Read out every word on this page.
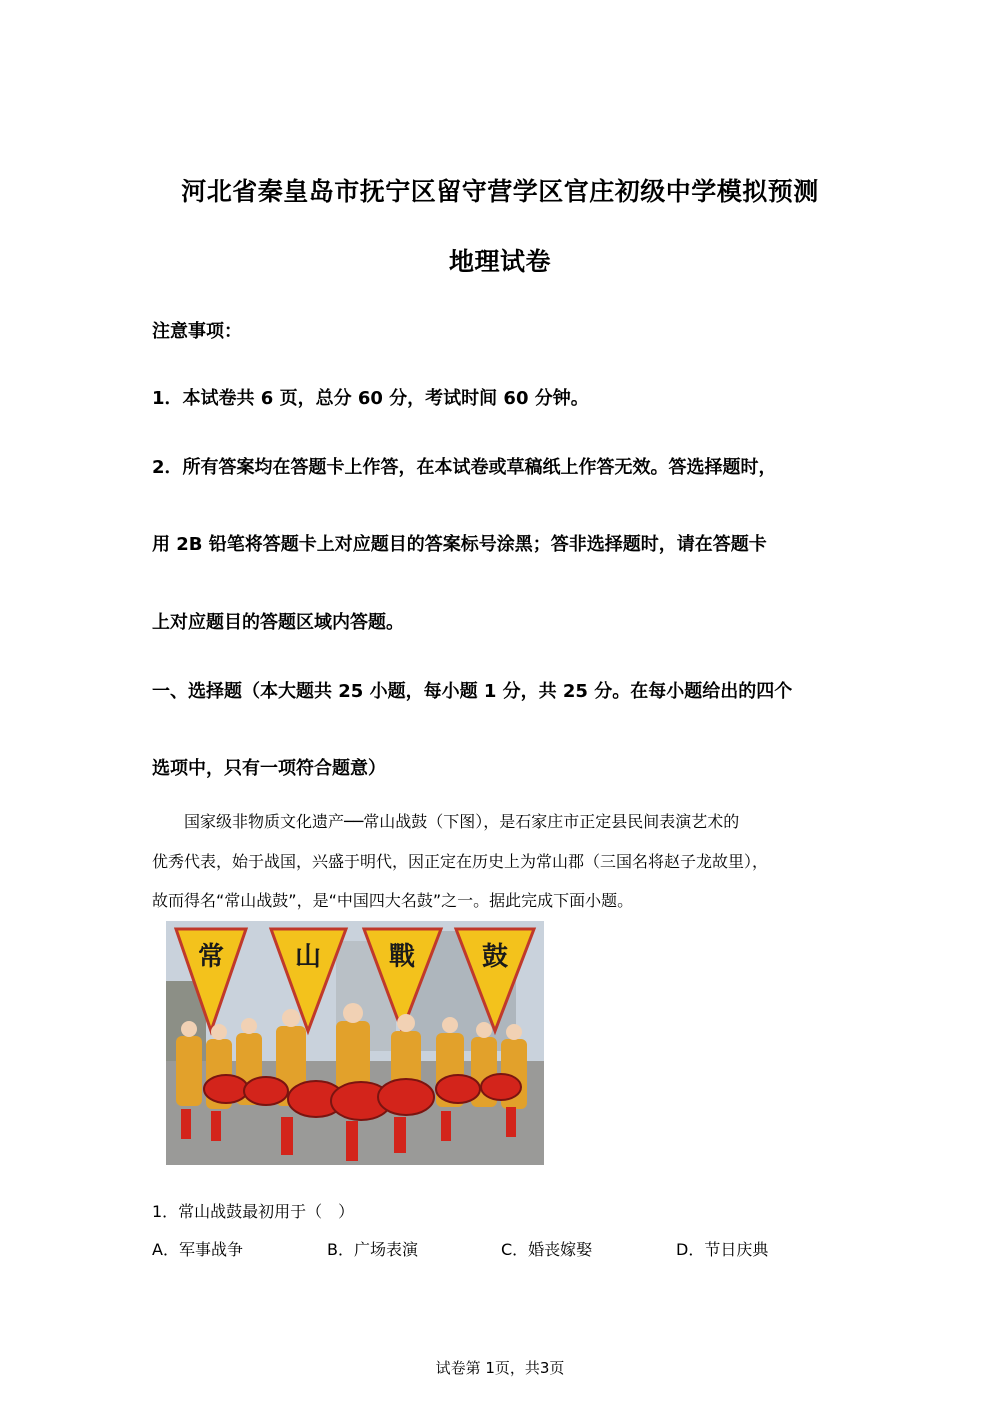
河北省秦皇岛市抚宁区留守营学区官庄初级中学模拟预测
地理试卷
注意事项：
1．本试卷共 6 页，总分 60 分，考试时间 60 分钟。
2．所有答案均在答题卡上作答，在本试卷或草稿纸上作答无效。答选择题时，
用 2B 铅笔将答题卡上对应题目的答案标号涂黑；答非选择题时，请在答题卡
上对应题目的答题区域内答题。
一、选择题（本大题共 25 小题，每小题 1 分，共 25 分。在每小题给出的四个
选项中，只有一项符合题意）
　　国家级非物质文化遗产──常山战鼓（下图），是石家庄市正定县民间表演艺术的
优秀代表，始于战国，兴盛于明代，因正定在历史上为常山郡（三国名将赵子龙故里），
故而得名“常山战鼓”，是“中国四大名鼓”之一。据此完成下面小题。
常	山	戰	鼓
1．常山战鼓最初用于（　）
A．军事战争	B．广场表演	C．婚丧嫁娶	D．节日庆典
试卷第 1页，共3页
